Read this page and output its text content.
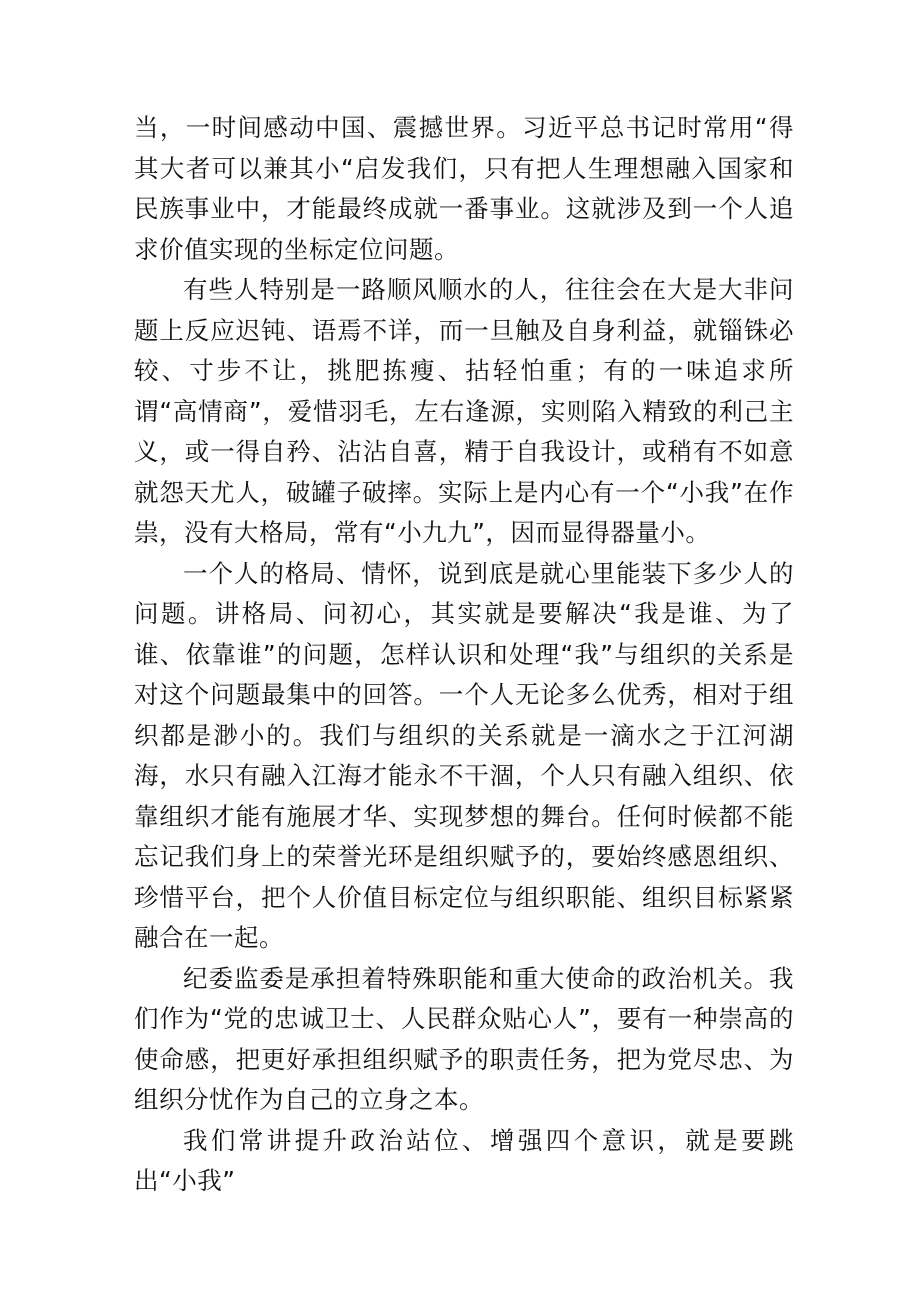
当，一时间感动中国、震撼世界。习近平总书记时常用“得其大者可以兼其小“启发我们，只有把人生理想融入国家和民族事业中，才能最终成就一番事业。这就涉及到一个人追求价值实现的坐标定位问题。

有些人特别是一路顺风顺水的人，往往会在大是大非问题上反应迟钝、语焉不详，而一旦触及自身利益，就锱铢必较、寸步不让，挑肥拣瘦、拈轻怕重；有的一味追求所谓“高情商”，爱惜羽毛，左右逢源，实则陷入精致的利己主义，或一得自矜、沾沾自喜，精于自我设计，或稍有不如意就怨天尤人，破罐子破摔。实际上是内心有一个“小我”在作祟，没有大格局，常有“小九九”，因而显得器量小。

一个人的格局、情怀，说到底是就心里能装下多少人的问题。讲格局、问初心，其实就是要解决“我是谁、为了谁、依靠谁”的问题，怎样认识和处理“我”与组织的关系是对这个问题最集中的回答。一个人无论多么优秀，相对于组织都是渺小的。我们与组织的关系就是一滴水之于江河湖海，水只有融入江海才能永不干涸，个人只有融入组织、依靠组织才能有施展才华、实现梦想的舞台。任何时候都不能忘记我们身上的荣誉光环是组织赋予的，要始终感恩组织、珍惜平台，把个人价值目标定位与组织职能、组织目标紧紧融合在一起。

纪委监委是承担着特殊职能和重大使命的政治机关。我们作为“党的忠诚卫士、人民群众贴心人”，要有一种崇高的使命感，把更好承担组织赋予的职责任务，把为党尽忠、为组织分忧作为自己的立身之本。

我们常讲提升政治站位、增强四个意识，就是要跳出“小我”
